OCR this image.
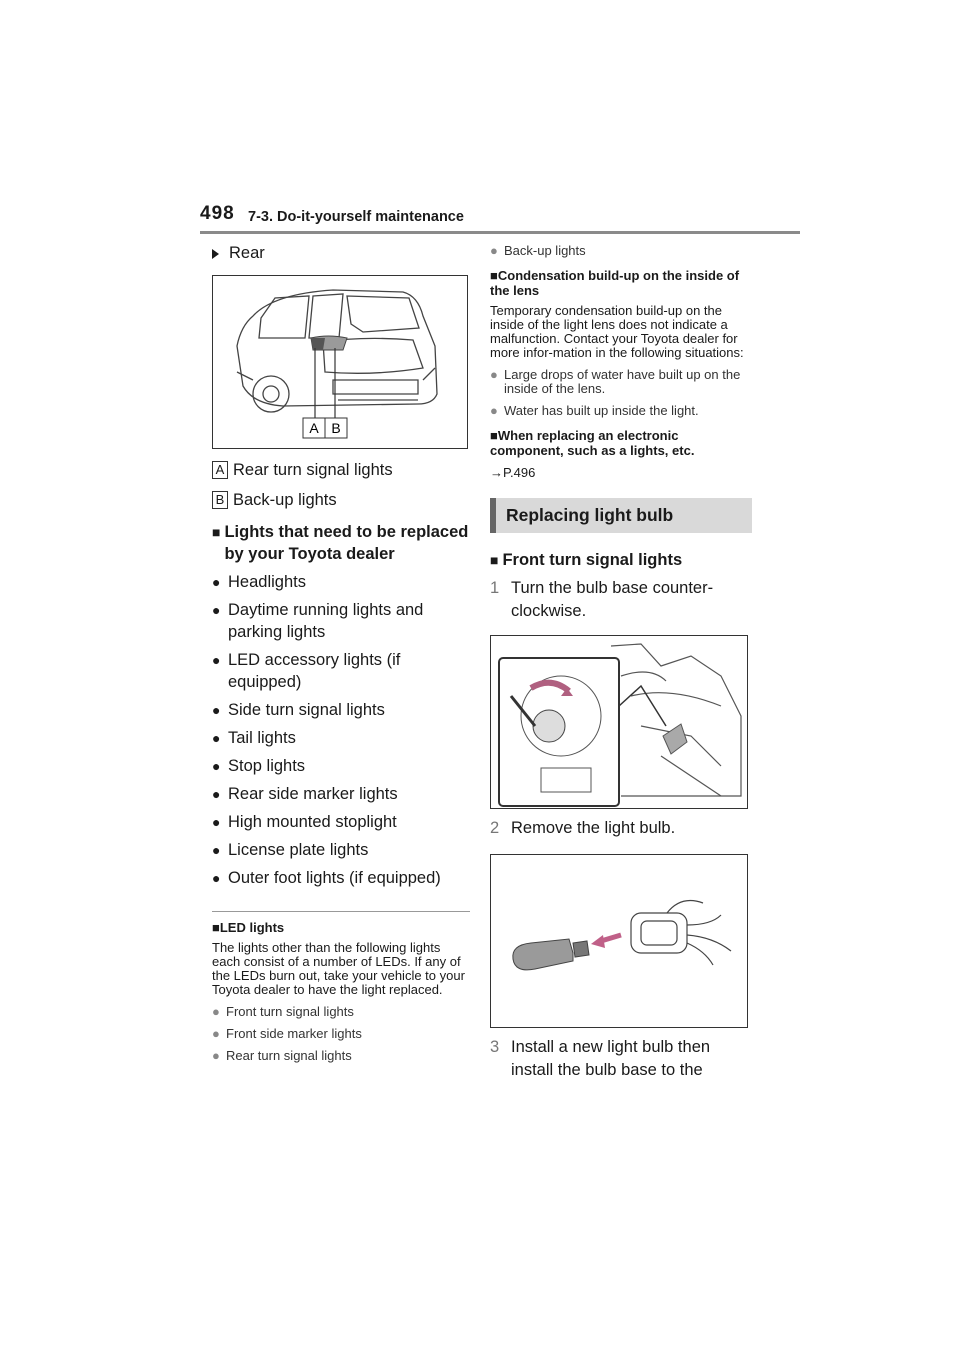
498 7-3. Do-it-yourself maintenance
Rear
A B
A Rear turn signal lights
B Back-up lights
■ Lights that need to be replaced by your Toyota dealer
● Headlights
● Daytime running lights and parking lights
● LED accessory lights (if equipped)
● Side turn signal lights
● Tail lights
● Stop lights
● Rear side marker lights
● High mounted stoplight
● License plate lights
● Outer foot lights (if equipped)
■LED lights
The lights other than the following lights each consist of a number of LEDs. If any of the LEDs burn out, take your vehicle to your Toyota dealer to have the light replaced.
● Front turn signal lights
● Front side marker lights
● Rear turn signal lights
● Back-up lights
■Condensation build-up on the inside of the lens
Temporary condensation build-up on the inside of the light lens does not indicate a malfunction. Contact your Toyota dealer for more infor-mation in the following situations:
● Large drops of water have built up on the inside of the lens.
● Water has built up inside the light.
■When replacing an electronic component, such as a lights, etc.
→P.496
Replacing light bulb
■ Front turn signal lights
1 Turn the bulb base counter-clockwise.
2 Remove the light bulb.
3 Install a new light bulb then install the bulb base to the
